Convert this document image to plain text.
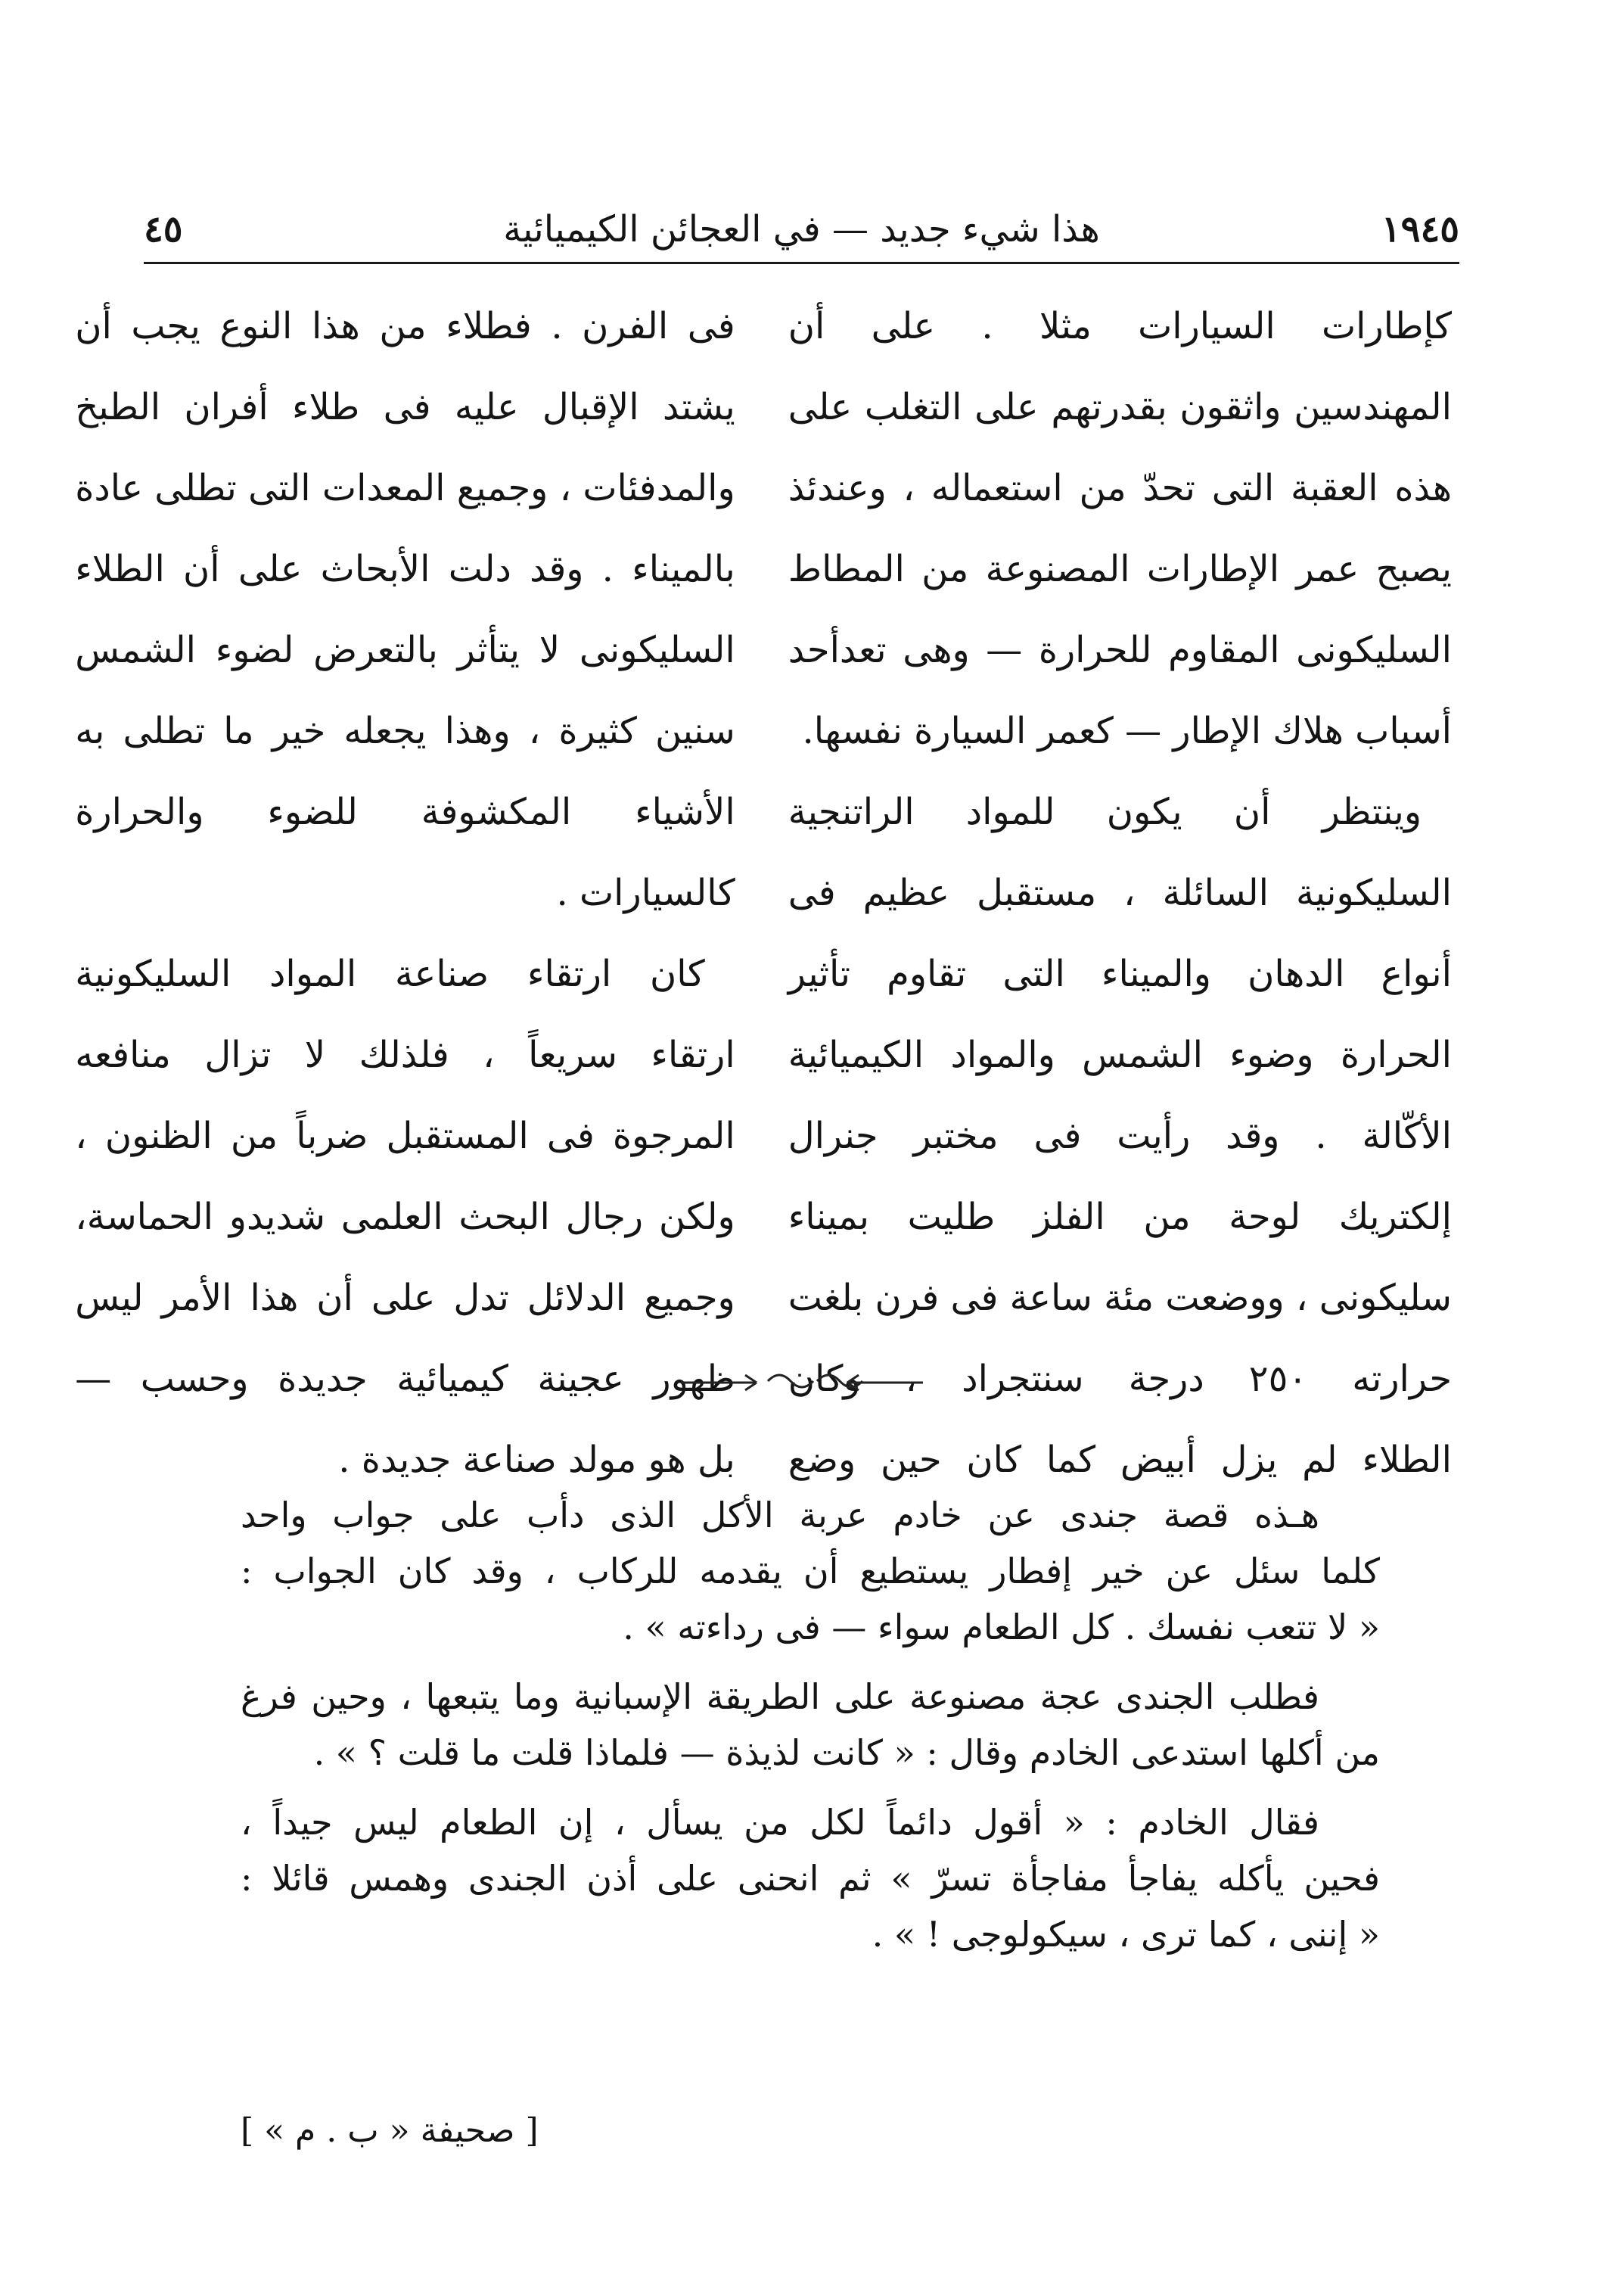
١٩٤٥
هذا شيء جديد — في العجائن الكيميائية
٤٥
كإطارات السيارات مثلا . على أن
المهندسين واثقون بقدرتهم على التغلب على
هذه العقبة التى تحدّ من استعماله ، وعندئذ
يصبح عمر الإطارات المصنوعة من المطاط
السليكونى المقاوم للحرارة — وهى تعدأحد
أسباب هلاك الإطار — كعمر السيارة نفسها.
وينتظر أن يكون للمواد الراتنجية
السليكونية السائلة ، مستقبل عظيم فى
أنواع الدهان والميناء التى تقاوم تأثير
الحرارة وضوء الشمس والمواد الكيميائية
الأكّالة . وقد رأيت فى مختبر جنرال
إلكتريك لوحة من الفلز طليت بميناء
سليكونى ، ووضعت مئة ساعة فى فرن بلغت
حرارته ٢٥٠ درجة سنتجراد ، وكان
الطلاء لم يزل أبيض كما كان حين وضع
فى الفرن . فطلاء من هذا النوع يجب أن
يشتد الإقبال عليه فى طلاء أفران الطبخ
والمدفئات ، وجميع المعدات التى تطلى عادة
بالميناء . وقد دلت الأبحاث على أن الطلاء
السليكونى لا يتأثر بالتعرض لضوء الشمس
سنين كثيرة ، وهذا يجعله خير ما تطلى به
الأشياء المكشوفة للضوء والحرارة
كالسيارات .
كان ارتقاء صناعة المواد السليكونية
ارتقاء سريعاً ، فلذلك لا تزال منافعه
المرجوة فى المستقبل ضرباً من الظنون ،
ولكن رجال البحث العلمى شديدو الحماسة،
وجميع الدلائل تدل على أن هذا الأمر ليس
ظهور عجينة كيميائية جديدة وحسب —
بل هو مولد صناعة جديدة .
هـذه قصة جندى عن خادم عربة الأكل الذى دأب على جواب واحد
كلما سئل عن خير إفطار يستطيع أن يقدمه للركاب ، وقد كان الجواب :
« لا تتعب نفسك . كل الطعام سواء — فى رداءته » .
فطلب الجندى عجة مصنوعة على الطريقة الإسبانية وما يتبعها ، وحين فرغ
من أكلها استدعى الخادم وقال : « كانت لذيذة — فلماذا قلت ما قلت ؟ » .
فقال الخادم : « أقول دائماً لكل من يسأل ، إن الطعام ليس جيداً ،
فحين يأكله يفاجأ مفاجأة تسرّ » ثم انحنى على أذن الجندى وهمس قائلا :
« إننى ، كما ترى ، سيكولوجى ! » .
[ صحيفة « ب . م » ]
